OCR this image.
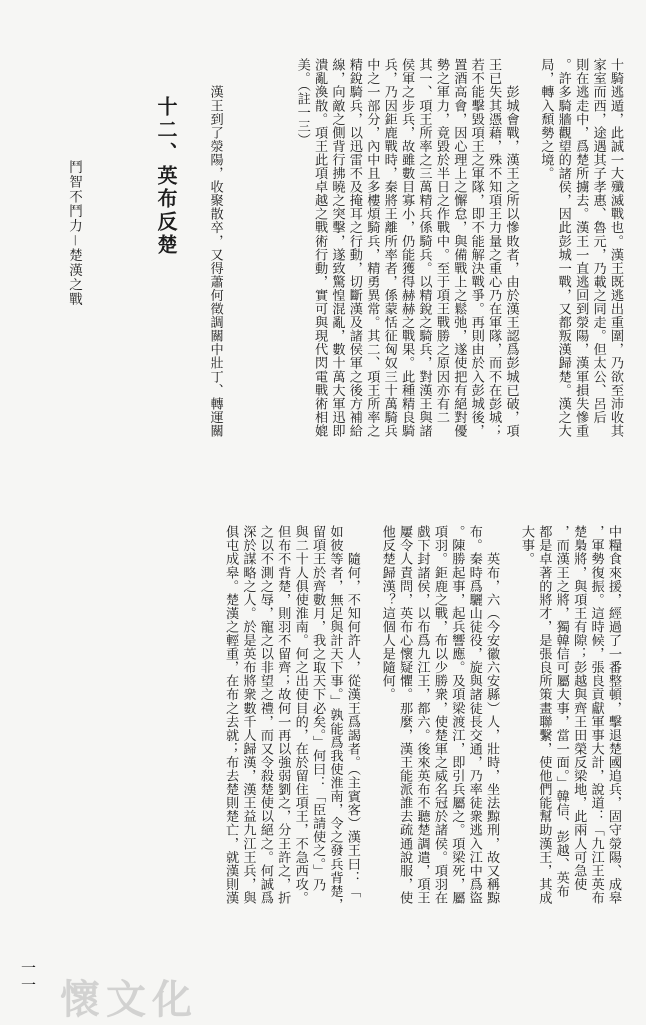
十騎逃遁，此誠一大殲滅戰也。漢王既逃出重圍，乃欲至沛收其
家室而西，途遇其子孝惠、魯元，乃載之同走。但太公、呂后
則在逃走中，爲楚所擄去。漢王一直逃回到滎陽，漢軍損失慘重
。許多騎牆觀望的諸侯，因此彭城一戰，又都叛漢歸楚。漢之大
局，轉入頹勢之境。

　　彭城會戰，漢王之所以慘敗者，由於漢王認爲彭城已破，項
王已失其憑藉，殊不知項王力量之重心乃在軍隊，而不在彭城；
若不能擊毀項王之軍隊，即不能解決戰爭。再則由於入彭城後，
置酒高會，因心理上之懈怠，與備戰上之鬆弛，遂使把有絕對優
勢之軍力，竟毀於半日之作戰中。至于項王戰勝之原因亦有二
其一、項王所率之三萬精兵係騎兵。以精銳之騎兵，對漢王與諸
侯軍之步兵，故雖數目寡小，仍能獲得赫赫之戰果。此種精良騎
兵，乃因鉅鹿戰時，秦將王離所率者，係蒙恬征匈奴三十萬騎兵
中之一部分，內中且多樓煩騎兵，精勇異常。其二、項王所率之
精銳騎兵，以迅雷不及掩耳之行動，切斷漢及諸侯軍之後方補給
線，向敵之側背行拂曉之突擊，遂致驚惶混亂，數十萬大軍迅即
潰亂渙散。項王此項卓越之戰術行動，實可與現代閃電戰術相媲
美。（註一三）

　　漢王到了滎陽，收聚散卒，又得蕭何徵調關中壯丁、轉運關
十二、英布反楚
鬥智不鬥力－楚漢之戰
中糧食來援，經過了一番整頓，擊退楚國追兵，固守滎陽、成皋
，軍勢復振。這時候，張良貢獻軍事大計，說道：「九江王英布
楚梟將，與項王有隙；彭越與齊王田榮反梁地，此兩人可急使
，而漢王之將，獨韓信可屬大事，當一面。」韓信、彭越、英布
都是卓著的將才，是張良所策畫聯繫，使他們能幫助漢王，其成
大事。

　　英布，六（今安徽六安縣）人，壯時，坐法黥刑，故又稱黥
布。秦時爲驪山徒役，旋與諸徒長交通，乃率徒衆逃入江中爲盜
。陳勝起事，起兵響應。及項梁渡江，即引兵屬之。項梁死，屬
項羽。鉅鹿之戰，布以少勝衆，使楚軍之威名冠於諸侯。項羽在
戲下封諸侯，以布爲九江王，都六。後來英布不聽楚調遣，項王
屢令人責問，英布心懷疑懼。那麼，漢王能派誰去疏通說服，使
他反楚歸漢？這個人是隨何。

　　隨何，不知何許人，從漢王爲謁者。（主賓客）漢王曰：「
如彼等者，無足與計天下事。」孰能爲我使淮南，令之發兵背楚，
留項王於齊數月，我之取天下必矣。」何曰：「臣請使之。」乃
與二十人俱使淮南。何之出使目的，在於留住項王，不急西攻。
但布不背楚，則羽不留齊；故何一再以強弱劉之，分王許之，折
之以不測之辱，寵之以非望之禮，而又令殺楚使以絕之。何誠爲
深於謀略之人。於是英布將衆數千人歸漢，漢王益九江王兵，與
俱屯成皋。楚漢之輕重，在布之去就；布去楚則楚亡，就漢則漢
一一 懷文化
